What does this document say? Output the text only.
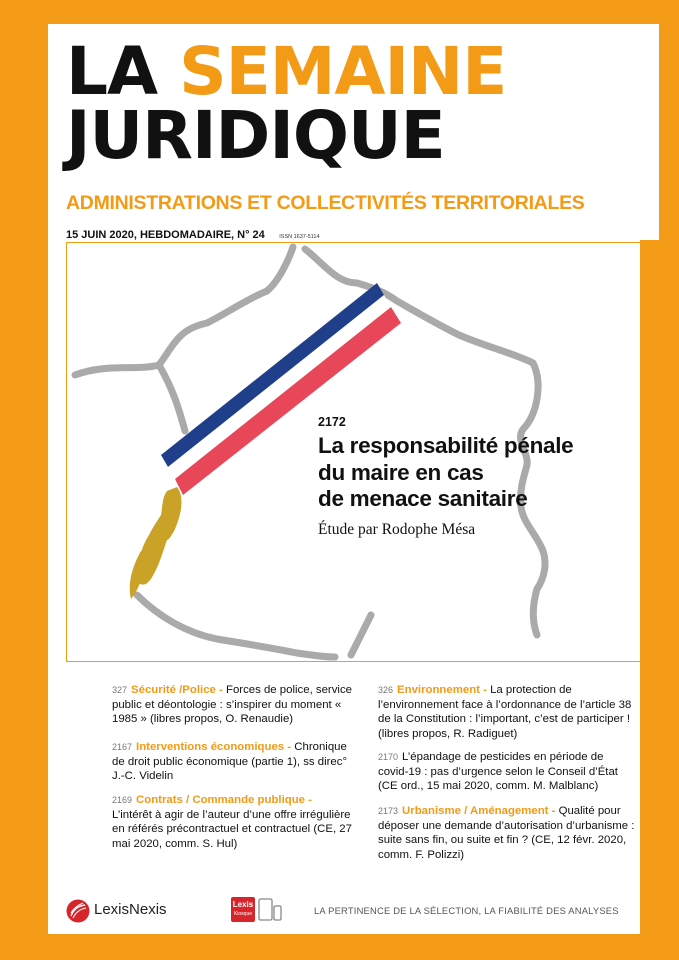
LA SEMAINE
JURIDIQUE
ADMINISTRATIONS ET COLLECTIVITÉS TERRITORIALES
15 JUIN 2020, HEBDOMADAIRE, N° 24	ISSN 1637-5114
2172
La responsabilité pénale
du maire en cas
de menace sanitaire
Étude par Rodophe Mésa
327 Sécurité /Police - Forces de police, service public et déontologie : s’inspirer du moment « 1985 » (libres propos, O. Renaudie)
2167 Interventions économiques - Chronique de droit public économique (partie 1), ss direc° J.-C. Videlin
2169 Contrats / Commande publique - L’intérêt à agir de l’auteur d’une offre irrégulière en référés précontractuel et contractuel (CE, 27 mai 2020, comm. S. Hul)
326 Environnement - La protection de l’environnement face à l’ordonnance de l’article 38 de la Constitution : l’important, c’est de participer ! (libres propos, R. Radiguet)
2170 L’épandage de pesticides en période de covid-19 : pas d’urgence selon le Conseil d’État (CE ord., 15 mai 2020, comm. M. Malblanc)
2173 Urbanisme / Aménagement - Qualité pour déposer une demande d’autorisation d’urbanisme : suite sans fin, ou suite et fin ? (CE, 12 févr. 2020, comm. F. Polizzi)
LexisNexis	Lexis
Kiosque	LA PERTINENCE DE LA SÉLECTION, LA FIABILITÉ DES ANALYSES
